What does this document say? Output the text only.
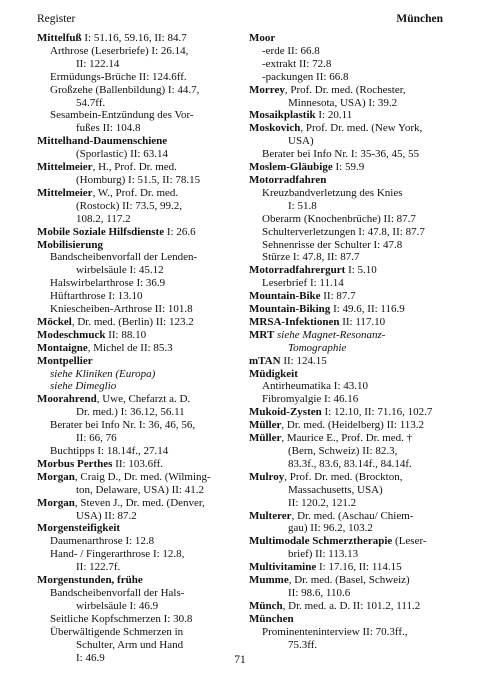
Register	München
Mittelfuß I: 51.16, 59.16, II: 84.7
Arthrose (Leserbriefe) I: 26.14,
II: 122.14
Ermüdungs-Brüche II: 124.6ff.
Großzehe (Ballenbildung) I: 44.7,
54.7ff.
Sesambein-Entzündung des Vor-
fußes II: 104.8
Mittelhand-Daumenschiene
(Sporlastic) II: 63.14
Mittelmeier, H., Prof. Dr. med.
(Homburg) I: 51.5, II: 78.15
Mittelmeier, W., Prof. Dr. med.
(Rostock) II: 73.5, 99.2,
108.2, 117.2
Mobile Soziale Hilfsdienste I: 26.6
Mobilisierung
Bandscheibenvorfall der Lenden-
wirbelsäule I: 45.12
Halswirbelarthrose I: 36.9
Hüftarthrose I: 13.10
Kniescheiben-Arthrose II: 101.8
Möckel, Dr. med. (Berlin) II: 123.2
Modeschmuck II: 88.10
Montaigne, Michel de II: 85.3
Montpellier
siehe Kliniken (Europa)
siehe Dimeglio
Moorahrend, Uwe, Chefarzt a. D.
Dr. med.) I: 36.12, 56.11
Berater bei Info Nr. I: 36, 46, 56,
II: 66, 76
Buchtipps I: 18.14f., 27.14
Morbus Perthes II: 103.6ff.
Morgan, Craig D., Dr. med. (Wilming-
ton, Delaware, USA) II: 41.2
Morgan, Steven J., Dr. med. (Denver,
USA) II: 87.2
Morgensteifigkeit
Daumenarthrose I: 12.8
Hand- / Fingerarthrose I: 12.8,
II: 122.7f.
Morgenstunden, frühe
Bandscheibenvorfall der Hals-
wirbelsäule I: 46.9
Seitliche Kopfschmerzen I: 30.8
Überwältigende Schmerzen in
Schulter, Arm und Hand
I: 46.9
Moor
-erde II: 66.8
-extrakt II: 72.8
-packungen II: 66.8
Morrey, Prof. Dr. med. (Rochester,
Minnesota, USA) I: 39.2
Mosaikplastik I: 20.11
Moskovich, Prof. Dr. med. (New York,
USA)
Berater bei Info Nr. I: 35-36, 45, 55
Moslem-Gläubige I: 59.9
Motorradfahren
Kreuzbandverletzung des Knies
I: 51.8
Oberarm (Knochenbrüche) II: 87.7
Schulterverletzungen I: 47.8, II: 87.7
Sehnenrisse der Schulter I: 47.8
Stürze I: 47.8, II: 87.7
Motorradfahrergurt I: 5.10
Leserbrief I: 11.14
Mountain-Bike II: 87.7
Mountain-Biking I: 49.6, II: 116.9
MRSA-Infektionen II: 117.10
MRT siehe Magnet-Resonanz-
Tomographie
mTAN II: 124.15
Müdigkeit
Antirheumatika I: 43.10
Fibromyalgie I: 46.16
Mukoid-Zysten I: 12.10, II: 71.16, 102.7
Müller, Dr. med. (Heidelberg) II: 113.2
Müller, Maurice E., Prof. Dr. med. †
(Bern, Schweiz) II: 82.3,
83.3f., 83.6, 83.14f., 84.14f.
Mulroy, Prof. Dr. med. (Brockton,
Massachusetts, USA)
II: 120.2, 121.2
Multerer, Dr. med. (Aschau/ Chiem-
gau) II: 96.2, 103.2
Multimodale Schmerztherapie (Leser-
brief) II: 113.13
Multivitamine I: 17.16, II: 114.15
Mumme, Dr. med. (Basel, Schweiz)
II: 98.6, 110.6
Münch, Dr. med. a. D. II: 101.2, 111.2
München
Prominenteninterview II: 70.3ff.,
75.3ff.
71
